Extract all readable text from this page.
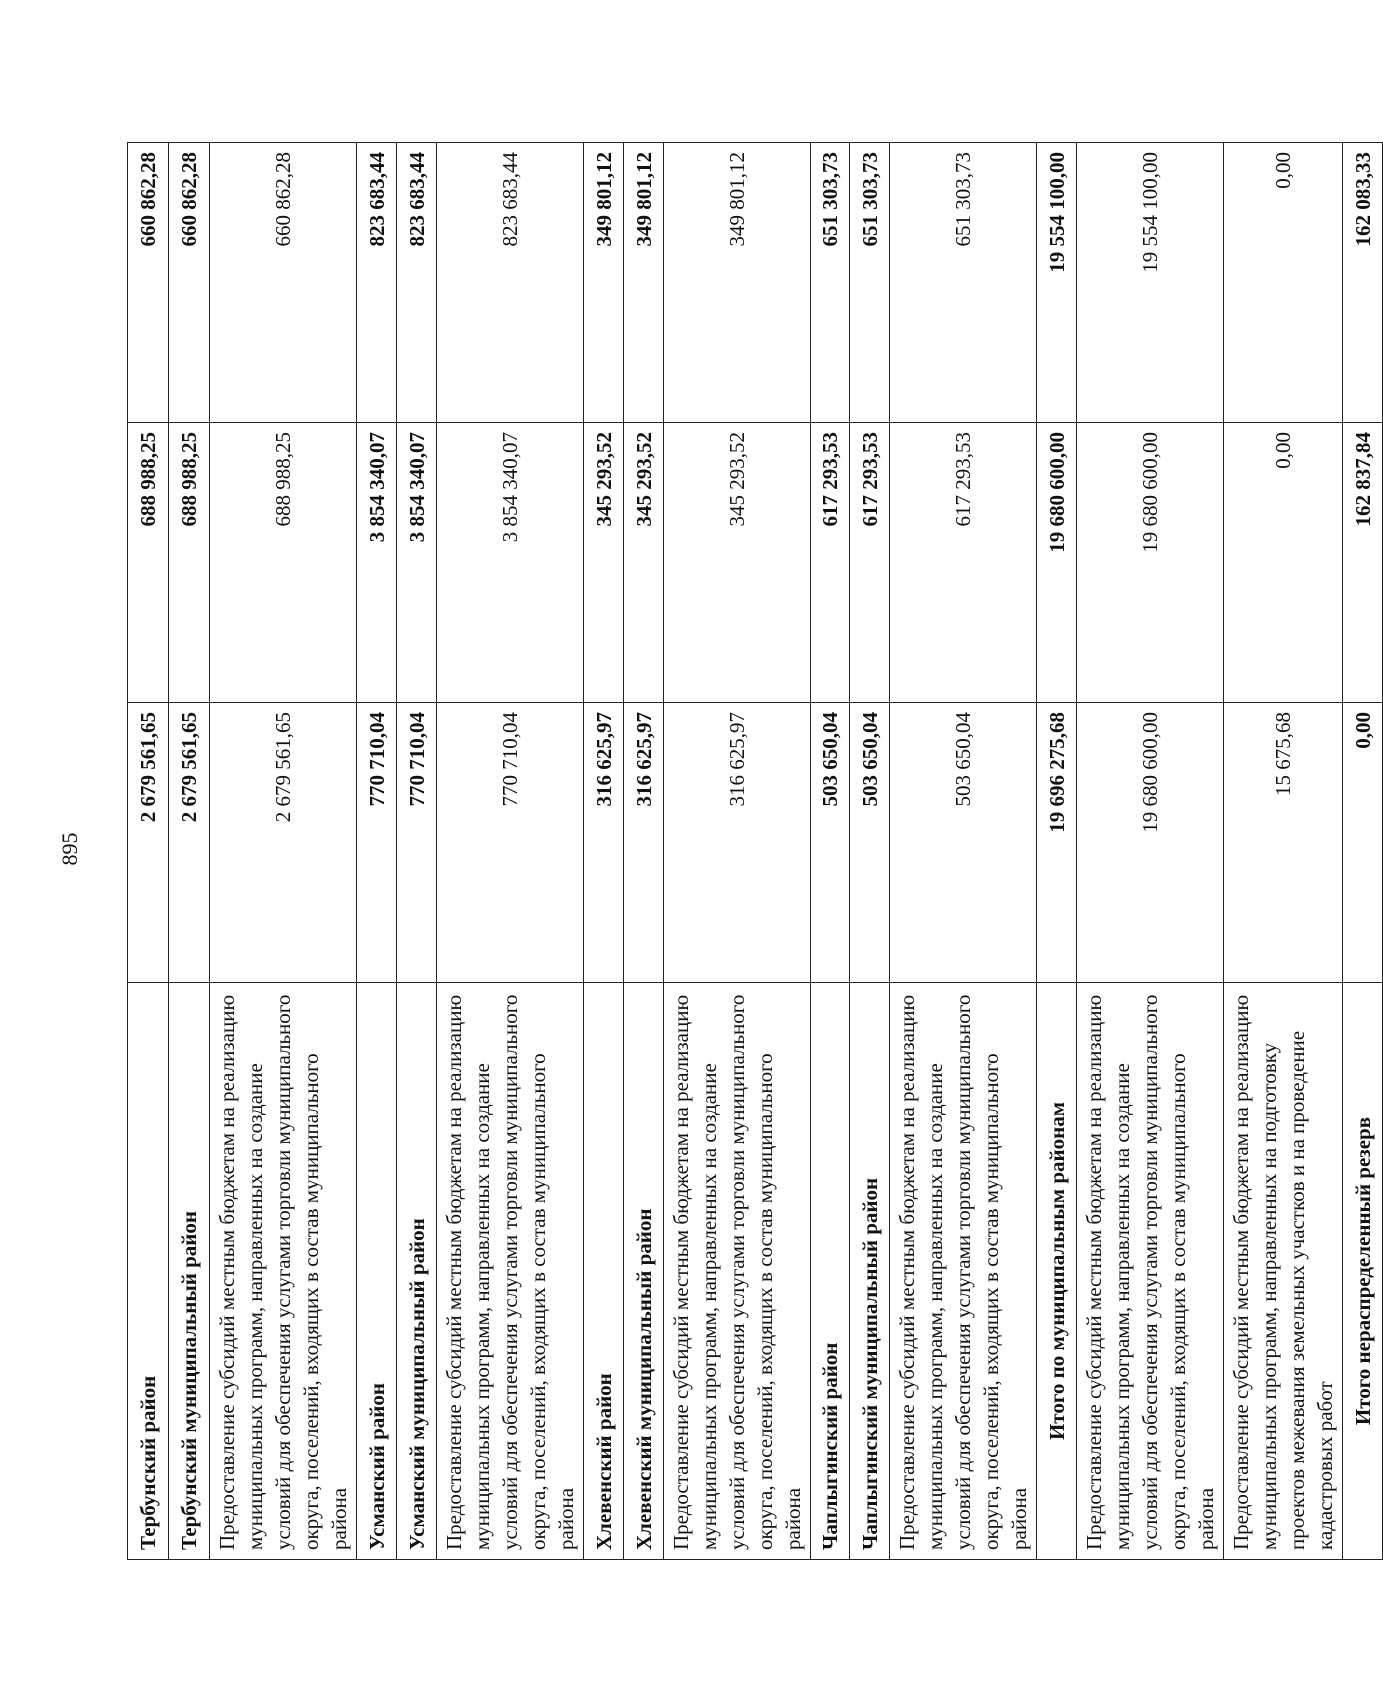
895
Тербунский район	2 679 561,65	688 988,25	660 862,28
Тербунский муниципальный район	2 679 561,65	688 988,25	660 862,28
Предоставление субсидий местным бюджетам на реализацию муниципальных программ, направленных на создание условий для обеспечения услугами торговли муниципального округа, поселений, входящих в состав муниципального района	2 679 561,65	688 988,25	660 862,28
Усманский район	770 710,04	3 854 340,07	823 683,44
Усманский муниципальный район	770 710,04	3 854 340,07	823 683,44
Предоставление субсидий местным бюджетам на реализацию муниципальных программ, направленных на создание условий для обеспечения услугами торговли муниципального округа, поселений, входящих в состав муниципального района	770 710,04	3 854 340,07	823 683,44
Хлевенский район	316 625,97	345 293,52	349 801,12
Хлевенский муниципальный район	316 625,97	345 293,52	349 801,12
Предоставление субсидий местным бюджетам на реализацию муниципальных программ, направленных на создание условий для обеспечения услугами торговли муниципального округа, поселений, входящих в состав муниципального района	316 625,97	345 293,52	349 801,12
Чаплыгинский район	503 650,04	617 293,53	651 303,73
Чаплыгинский муниципальный район	503 650,04	617 293,53	651 303,73
Предоставление субсидий местным бюджетам на реализацию муниципальных программ, направленных на создание условий для обеспечения услугами торговли муниципального округа, поселений, входящих в состав муниципального района	503 650,04	617 293,53	651 303,73
Итого по муниципальным районам	19 696 275,68	19 680 600,00	19 554 100,00
Предоставление субсидий местным бюджетам на реализацию муниципальных программ, направленных на создание условий для обеспечения услугами торговли муниципального округа, поселений, входящих в состав муниципального района	19 680 600,00	19 680 600,00	19 554 100,00
Предоставление субсидий местным бюджетам на реализацию муниципальных программ, направленных на подготовку проектов межевания земельных участков и на проведение кадастровых работ	15 675,68	0,00	0,00
Итого нераспределенный резерв	0,00	162 837,84	162 083,33
